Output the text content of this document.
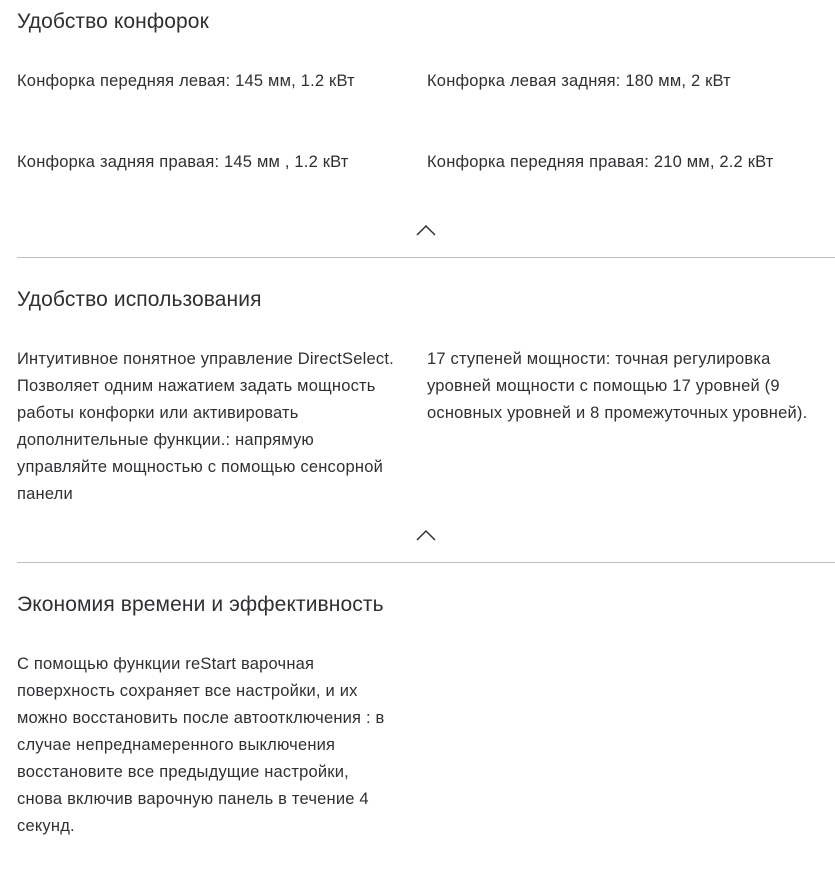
Удобство конфорок

Конфорка передняя левая: 145 мм, 1.2 кВт	Конфорка левая задняя: 180 мм, 2 кВт

Конфорка задняя правая: 145 мм , 1.2 кВт	Конфорка передняя правая: 210 мм, 2.2 кВт

Удобство использования

Интуитивное понятное управление DirectSelect. Позволяет одним нажатием задать мощность работы конфорки или активировать дополнительные функции.: напрямую управляйте мощностью с помощью сенсорной панели

17 ступеней мощности: точная регулировка уровней мощности с помощью 17 уровней (9 основных уровней и 8 промежуточных уровней).

Экономия времени и эффективность

С помощью функции reStart варочная поверхность сохраняет все настройки, и их можно восстановить после автоотключения : в случае непреднамеренного выключения восстановите все предыдущие настройки, снова включив варочную панель в течение 4 секунд.
